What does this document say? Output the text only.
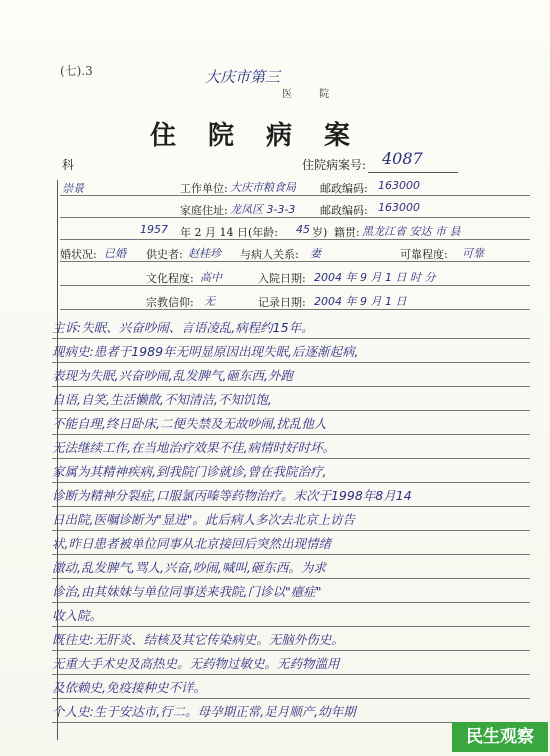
(七).3	大庆市第三
医 院
住院病案
科	住院病案号: 4087
崇景	工作单位: 大庆市粮食局 邮政编码: 163000
家庭住址: 龙凤区 3-3-3 邮政编码: 163000
1957 年 2 月 14 日(年龄: 45 岁) 籍贯: 黑龙江省 安达 市 县
婚状况: 已婚 供史者: 赵桂珍 与病人关系: 妻	可靠程度: 可靠
文化程度: 高中	入院日期: 2004 年 9 月 1 日 时 分
宗教信仰: 无	记录日期: 2004 年 9 月 1 日
主诉:失眠、兴奋吵闹、言语凌乱,病程约15年。
现病史:患者于1989年无明显原因出现失眠,后逐渐起病,
表现为失眠,兴奋吵闹,乱发脾气,砸东西,外跑
自语,自笑,生活懒散,不知清洁,不知饥饱,
不能自理,终日卧床,二便失禁及无故吵闹,扰乱他人
无法继续工作,在当地治疗效果不佳,病情时好时坏。
家属为其精神疾病,到我院门诊就诊,曾在我院治疗,
诊断为精神分裂症,口服氯丙嗪等药物治疗。末次于1998年8月14
日出院,医嘱诊断为"显进"。此后病人多次去北京上访告
状,昨日患者被单位同事从北京接回后突然出现情绪
激动,乱发脾气,骂人,兴奋,吵闹,喊叫,砸东西。为求
诊治,由其妹妹与单位同事送来我院,门诊以"癔症"
收入院。
既往史:无肝炎、结核及其它传染病史。无脑外伤史。
无重大手术史及高热史。无药物过敏史。无药物滥用
及依赖史,免疫接种史不详。
个人史:生于安达市,行二。母孕期正常,足月顺产,幼年期
民生观察
